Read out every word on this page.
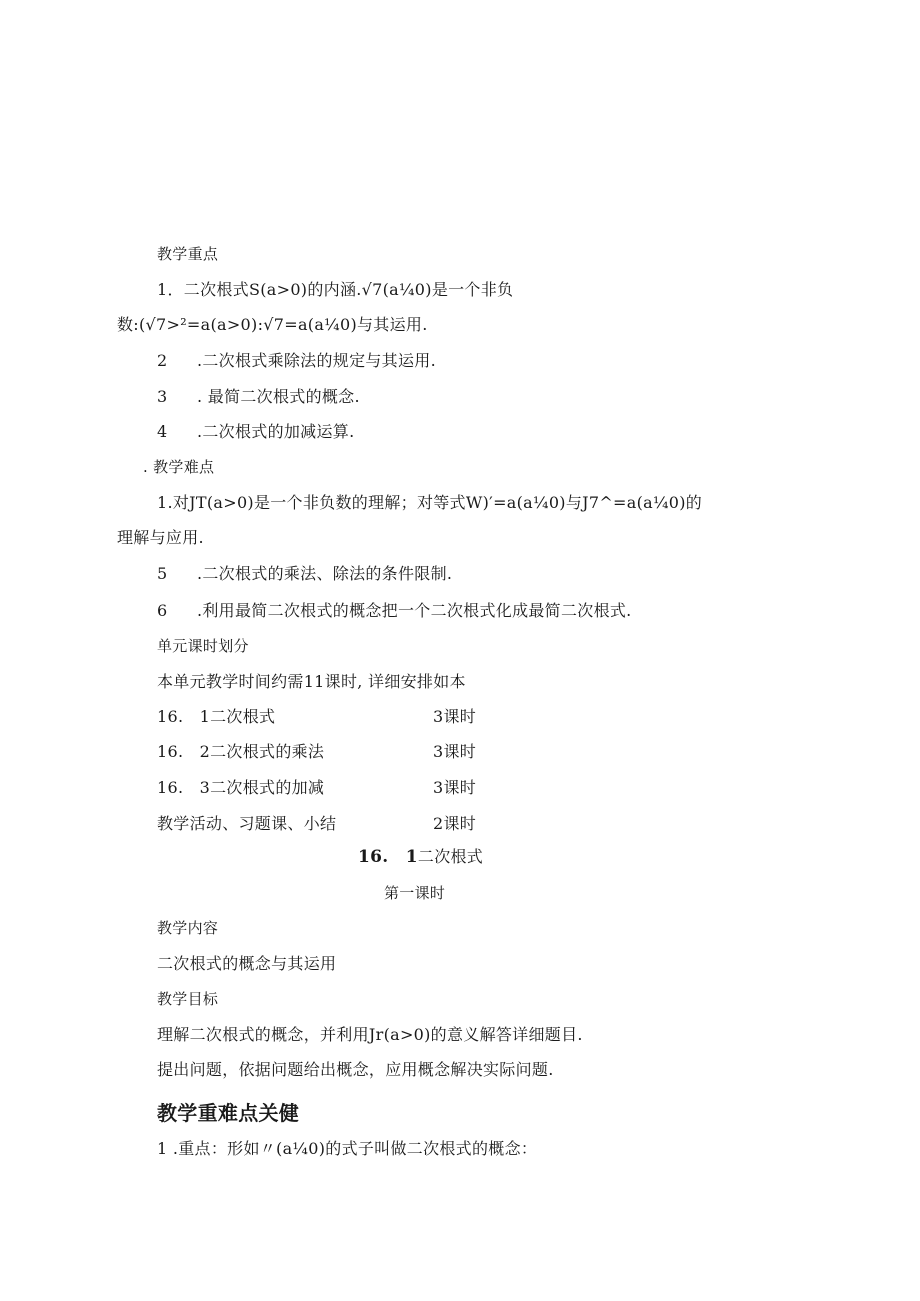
教学重点
1．二次根式S(a>0)的内涵.√7(a¼0)是一个非负
数:(√7>²=a(a>0):√7=a(a¼0)与其运用.
2 .二次根式乘除法的规定与其运用.
3 . 最简二次根式的概念.
4 .二次根式的加减运算.
. 教学难点
1.对JT(a>0)是一个非负数的理解；对等式W)′=a(a¼0)与J7^=a(a¼0)的
理解与应用.
5 .二次根式的乘法、除法的条件限制.
6 .利用最简二次根式的概念把一个二次根式化成最简二次根式.
单元课时划分
本单元教学时间约需11课时, 详细安排如本
16.　1二次根式	3课时
16.　2二次根式的乘法	3课时
16.　3二次根式的加减	3课时
教学活动、习题课、小结	2课时
16.　1二次根式
第一课时
教学内容
二次根式的概念与其运用
教学目标
理解二次根式的概念，并利用Jr(a>0)的意义解答详细题目.
提出问题，依据问题给出概念，应用概念解决实际问题.
教学重难点关健
1 .重点：形如〃(a¼0)的式子叫做二次根式的概念：
